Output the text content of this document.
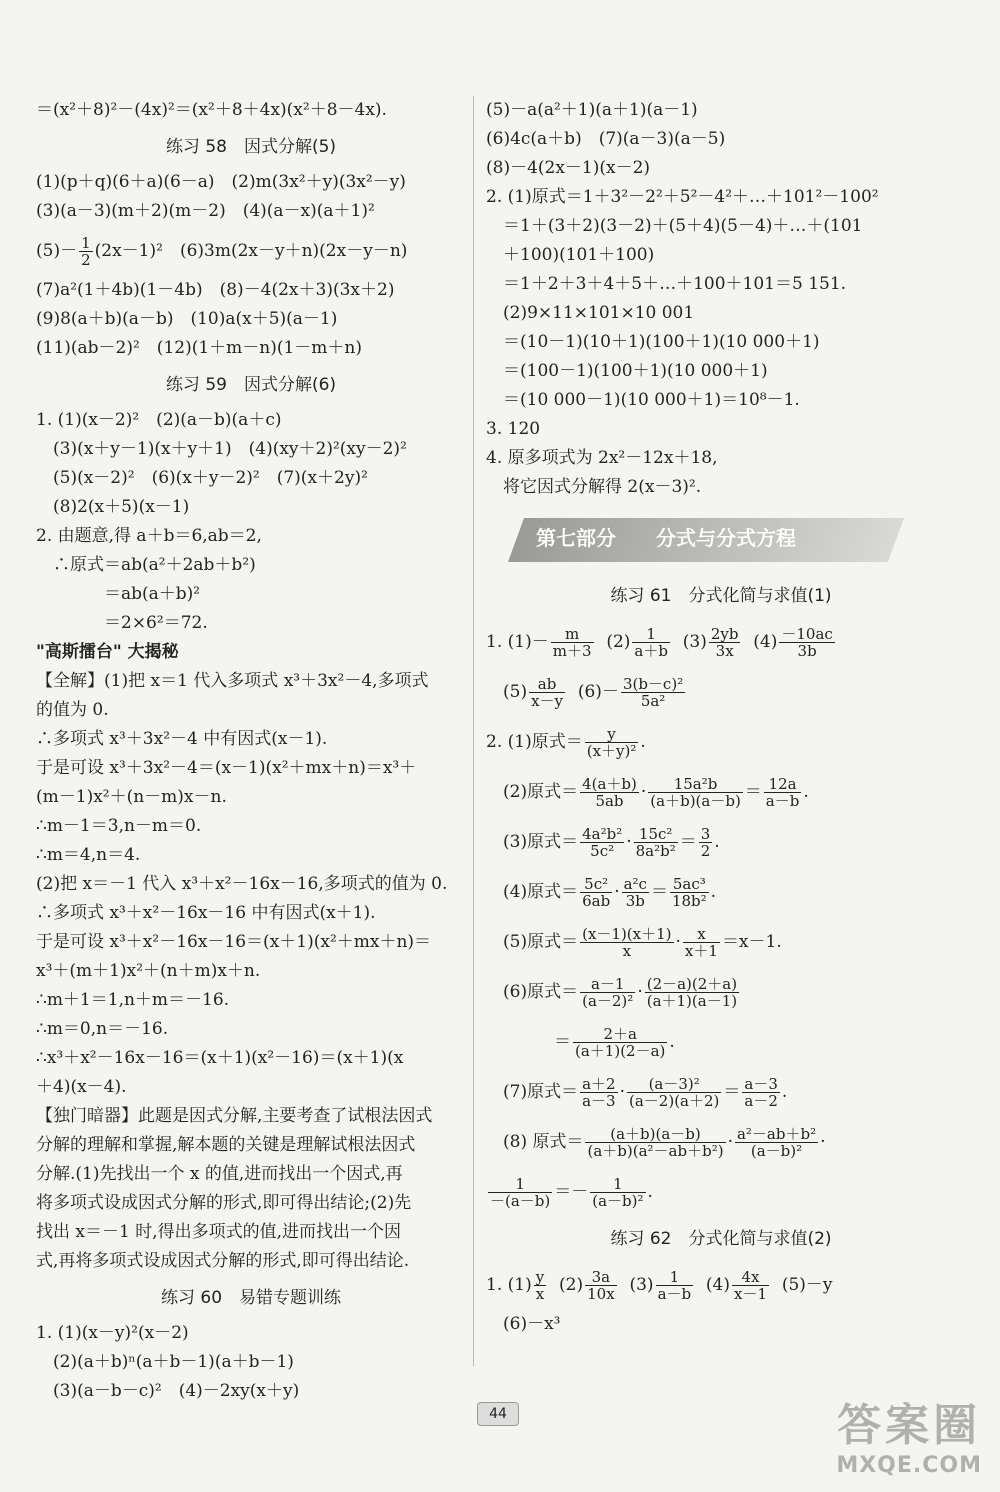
＝(x²＋8)²－(4x)²＝(x²＋8＋4x)(x²＋8－4x).
练习 58　因式分解(5)
(1)(p＋q)(6＋a)(6－a)　(2)m(3x²＋y)(3x²－y)
(3)(a－3)(m＋2)(m－2)　(4)(a－x)(a＋1)²
$(5)- \frac{1}{2} (2x-1)^2$　(6)3m(2x－y＋n)(2x－y－n)
(7)a²(1＋4b)(1－4b)　(8)－4(2x＋3)(3x＋2)
(9)8(a＋b)(a－b)　(10)a(x＋5)(a－1)
(11)(ab－2)²　(12)(1＋m－n)(1－m＋n)
练习 59　因式分解(6)
1. (1)(x－2)²　(2)(a－b)(a＋c)
　(3)(x＋y－1)(x＋y＋1)　(4)(xy＋2)²(xy－2)²
　(5)(x－2)²　(6)(x＋y－2)²　(7)(x＋2y)²
　(8)2(x＋5)(x－1)
2. 由题意,得 a＋b＝6,ab＝2,
　∴原式＝ab(a²＋2ab＋b²)
　　　　＝ab(a＋b)²
　　　　＝2×6²＝72.
"高斯擂台" 大揭秘
【全解】(1)把 x＝1 代入多项式 x³＋3x²－4,多项式
的值为 0.
∴多项式 x³＋3x²－4 中有因式(x－1).
于是可设 x³＋3x²－4＝(x－1)(x²＋mx＋n)＝x³＋
(m－1)x²＋(n－m)x－n.
∴m－1＝3,n－m＝0.
∴m＝4,n＝4.
(2)把 x＝－1 代入 x³＋x²－16x－16,多项式的值为 0.
∴多项式 x³＋x²－16x－16 中有因式(x＋1).
于是可设 x³＋x²－16x－16＝(x＋1)(x²＋mx＋n)＝
x³＋(m＋1)x²＋(n＋m)x＋n.
∴m＋1＝1,n＋m＝－16.
∴m＝0,n＝－16.
∴x³＋x²－16x－16＝(x＋1)(x²－16)＝(x＋1)(x
＋4)(x－4).
【独门暗器】此题是因式分解,主要考查了试根法因式
分解的理解和掌握,解本题的关键是理解试根法因式
分解.(1)先找出一个 x 的值,进而找出一个因式,再
将多项式设成因式分解的形式,即可得出结论;(2)先
找出 x＝－1 时,得出多项式的值,进而找出一个因
式,再将多项式设成因式分解的形式,即可得出结论.
练习 60　易错专题训练
1. (1)(x－y)²(x－2)
　(2)(a＋b)ⁿ(a＋b－1)(a＋b－1)
　(3)(a－b－c)²　(4)－2xy(x＋y)
(5)－a(a²＋1)(a＋1)(a－1)
(6)4c(a＋b)　(7)(a－3)(a－5)
(8)－4(2x－1)(x－2)
2. (1)原式＝1＋3²－2²＋5²－4²＋…＋101²－100²
　＝1＋(3＋2)(3－2)＋(5＋4)(5－4)＋…＋(101
　＋100)(101＋100)
　＝1＋2＋3＋4＋5＋…＋100＋101＝5 151.
　(2)9×11×101×10 001
　＝(10－1)(10＋1)(100＋1)(10 000＋1)
　＝(100－1)(100＋1)(10 000＋1)
　＝(10 000－1)(10 000＋1)＝10⁸－1.
3. 120
4. 原多项式为 2x²－12x＋18,
　将它因式分解得 2(x－3)².
第七部分 分式与分式方程
练习 61　分式化简与求值(1)
1. $(1)- \frac{m}{m+3} (2) \frac{1}{a+b} (3) \frac{2yb}{3x} (4) \frac{-10ac}{3b}$
　$(5) \frac{ab}{x-y} (6)- \frac{\text{3(b－c)²}}{\text{5a²}}$
2. (1)原式＝ $\frac{y}{\text{(x＋y)²}}$ .
　(2)原式＝ $\frac{4(a+b)}{5ab} \cdot \frac{\text{15a²b}}{(a+b)(a-b)} = \frac{12a}{a-b}$ .
　(3)原式＝ $\frac{\text{4a²b²}}{\text{5c²}} \cdot \frac{\text{15c²}}{\text{8a²b²}} = \frac{3}{2}$ .
　(4)原式＝ $\frac{\text{5c²}}{6ab} \cdot \frac{\text{a²c}}{3b} = \frac{\text{5ac³}}{\text{18b²}}$ .
　(5)原式＝ $\frac{(x-1)(x+1)}{x} \cdot \frac{x}{x+1} =x-1$.
　(6)原式＝ $\frac{a-1}{\text{(a－2)²}} \cdot \frac{(2-a)(2+a)}{(a+1)(a-1)}$
　　　　＝ $\frac{2+a}{(a+1)(2-a)}$ .
　(7)原式＝ $\frac{a+2}{a-3} \cdot \frac{\text{(a－3)²}}{(a-2)(a+2)} = \frac{a-3}{a-2}$ .
　(8) 原式＝ $\frac{(a+b)(a-b)}{\text{(a＋b)(a²－ab＋b²)}} \cdot \frac{\text{a²－ab＋b²}}{\text{(a－b)²}}$ ·
$\frac{1}{-(a-b)} =- \frac{1}{\text{(a－b)²}}$ .
练习 62　分式化简与求值(2)
1. $(1) \frac{y}{x} (2) \frac{3a}{10x} (3) \frac{1}{a-b} (4) \frac{4x}{x-1} (5)-y$
　(6)－x³
44	答案圈
MXQE.COM
